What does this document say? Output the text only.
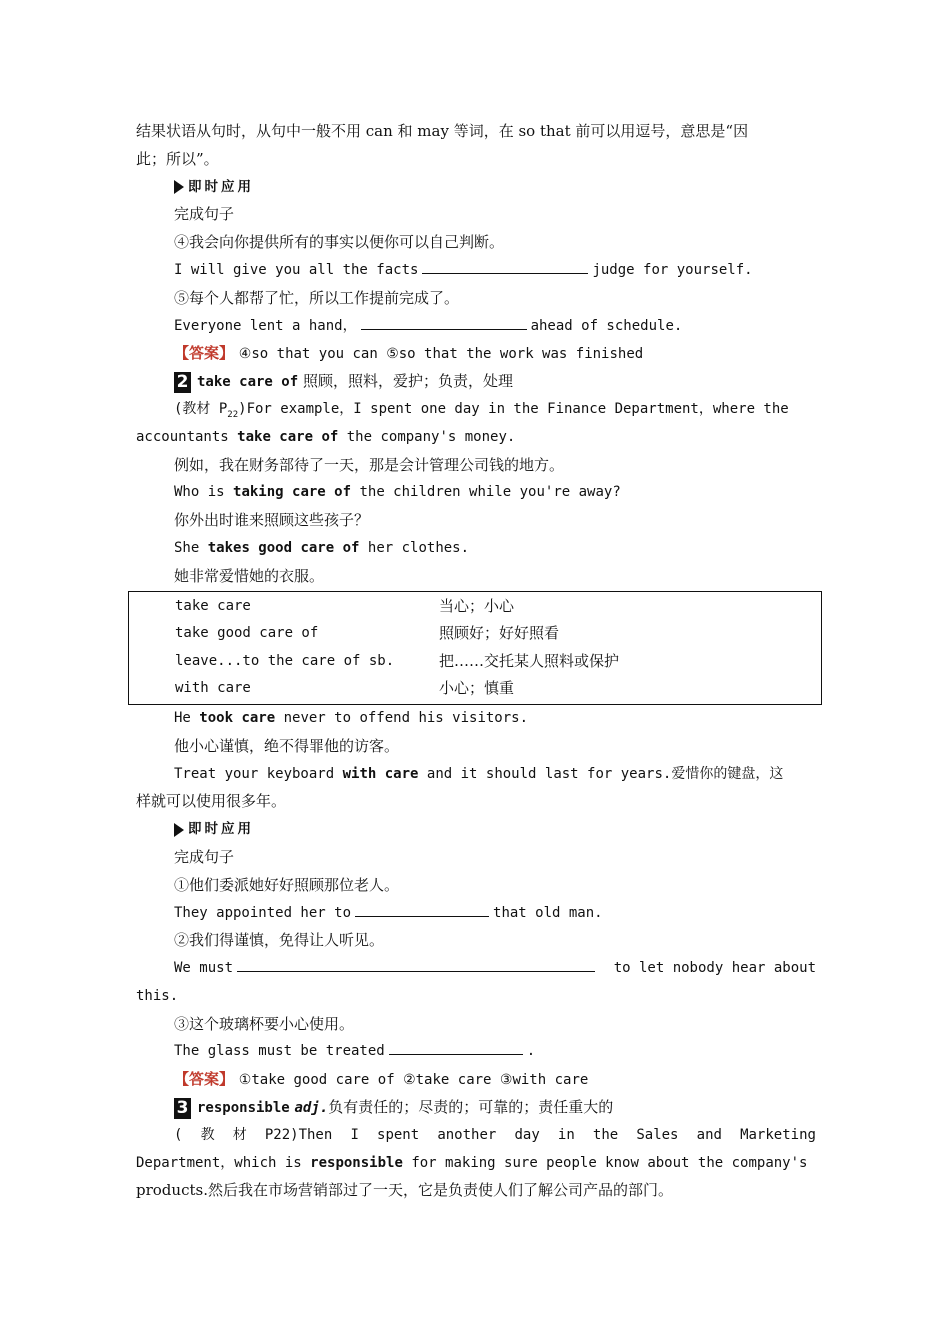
结果状语从句时，从句中一般不用 can 和 may 等词，在 so that 前可以用逗号，意思是“因
此；所以”。
即时应用
完成句子
④我会向你提供所有的事实以便你可以自己判断。
I will give you all the facts	judge for yourself.
⑤每个人都帮了忙，所以工作提前完成了。
Everyone lent a hand，	ahead of schedule.
【答案】 ④so that you can ⑤so that the work was finished
2 take care of 照顾，照料，爱护；负责，处理
(教材 $P_{22})For$ example，I spent one day in the Finance Department，where the
accountants take care of the company's money.
例如，我在财务部待了一天，那是会计管理公司钱的地方。
Who is taking care of the children while you're away?
你外出时谁来照顾这些孩子？
She takes good care of her clothes.
她非常爱惜她的衣服。
take care	当心；小心
take good care of	照顾好；好好照看
leave...to the care of sb.	把……交托某人照料或保护
with care	小心；慎重
He took care never to offend his visitors.
他小心谨慎，绝不得罪他的访客。
Treat your keyboard with care and it should last for years.爱惜你的键盘，这
样就可以使用很多年。
即时应用
完成句子
①他们委派她好好照顾那位老人。
They appointed her to	that old man.
②我们得谨慎，免得让人听见。
We must	to let nobody hear about
this.
③这个玻璃杯要小心使用。
The glass must be treated	.
【答案】 ①take good care of ②take care ③with care
3 responsible adj.负有责任的；尽责的；可靠的；责任重大的
( 教 材 P22)Then I spent another day in the Sales and Marketing
Department，which is responsible for making sure people know about the company's
products.然后我在市场营销部过了一天，它是负责使人们了解公司产品的部门。
